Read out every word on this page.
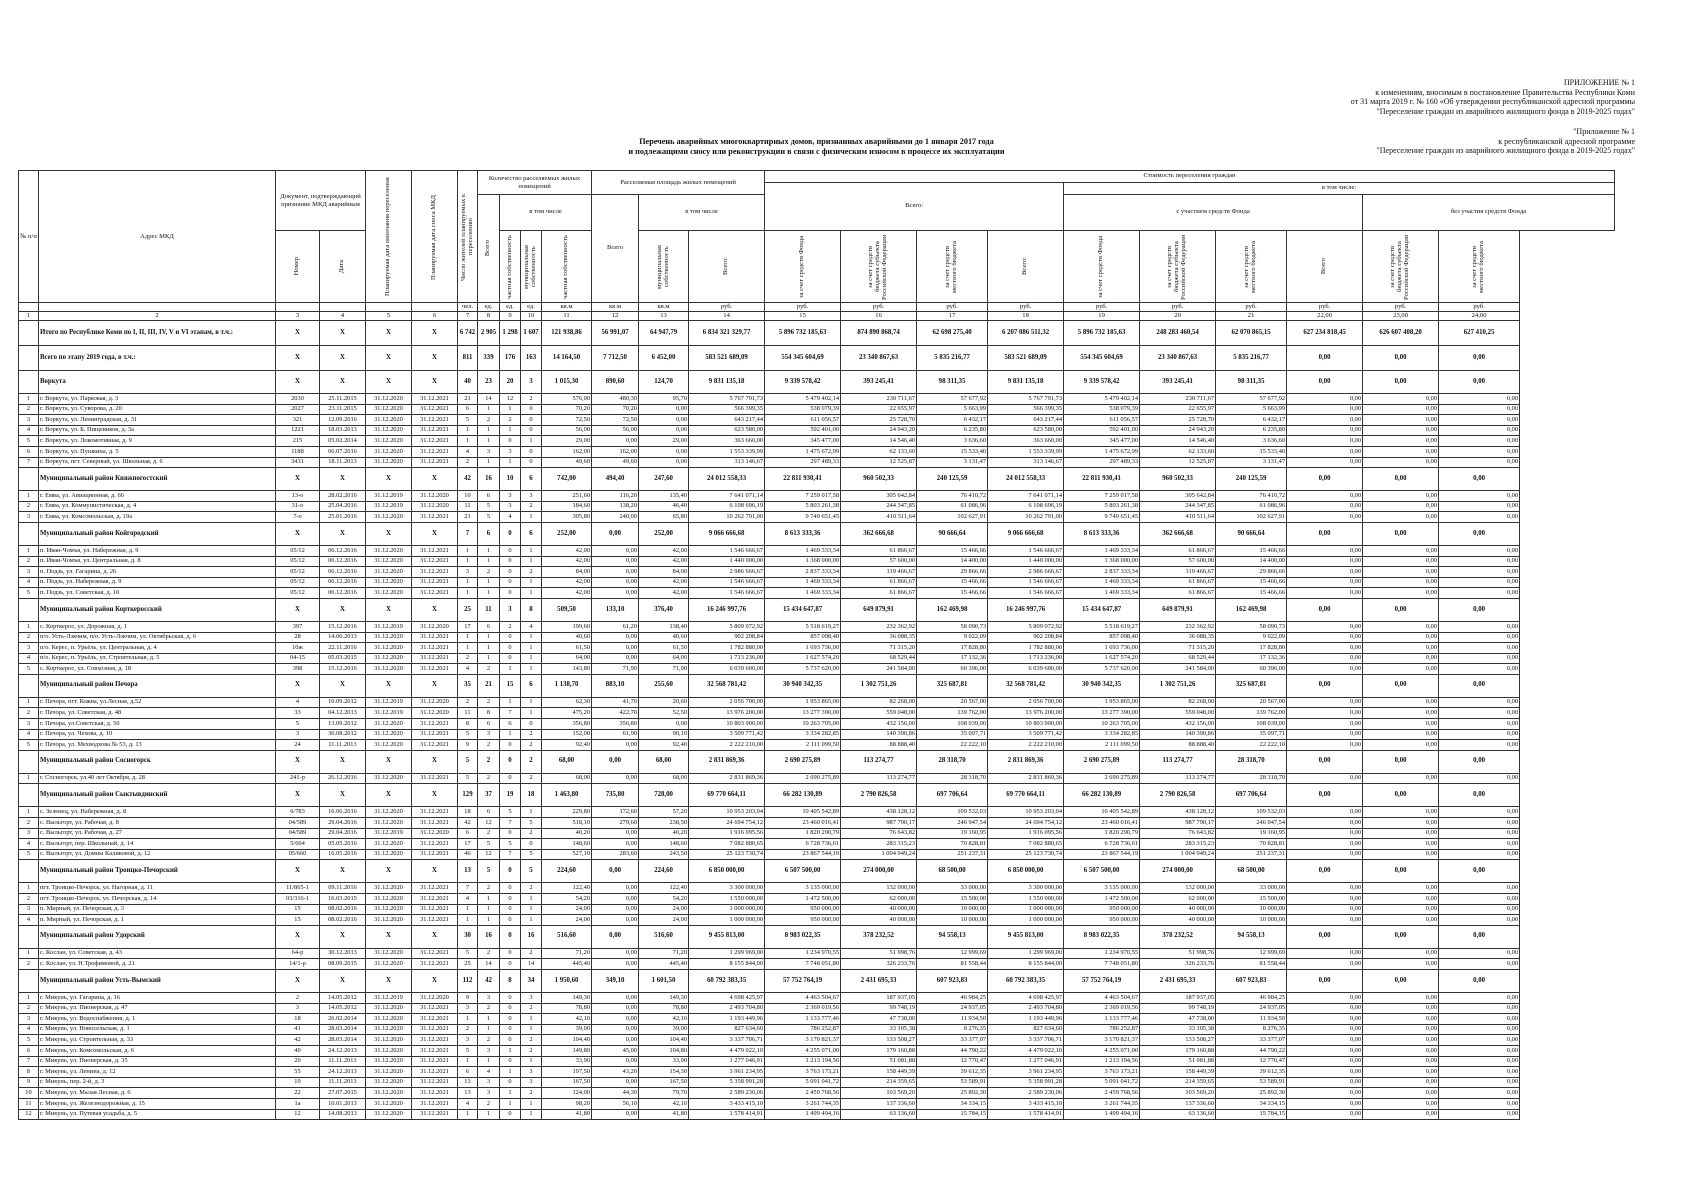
ПРИЛОЖЕНИЕ № 1
к изменениям, вносимым в постановление Правительства Республики Коми
от 31 марта 2019 г. № 160 «Об утверждении республиканской адресной программы
"Переселение граждан из аварийного жилищного фонда в 2019-2025 годах"
"Приложение № 1
к республиканской адресной программе
"Переселение граждан из аварийного жилищного фонда в 2019-2025 годах"
Перечень аварийных многоквартирных домов, признанных аварийными до 1 января 2017 года
и подлежащими сносу или реконструкции в связи с физическим износом в процессе их эксплуатации
№ п/п	Адрес МКД	Документ, подтверждающий признание МКД аварийным		Планируемая дата окончания переселения	Планируемая дата сноса МКД	Число жителей планируемых к переселению	Количество расселяемых жилых помещений				Расселяемая площадь жилых помещений			Стоимость переселения граждан									
														Всего:				в том числе:					

							Всего	в том числе			Всего	в том числе						с участием средств Фонда				без участия средств Фонда	

		Номер	Дата					частная собственность	муниципальная собственность	частная собственность		муниципальная собственность	Всего:	за счет средств Фонда	за счет средств бюджета субъекта Российской Федерации	за счет средств местного бюджета	Всего:	за счет средств Фонда	за счет средств бюджета субъекта Российской Федерации	за счет средств местного бюджета	Всего	за счет средств бюджета субъекта Российской Федерации	за счет средств местного бюджета

						чел.	ед.	ед.	ед.	кв.м	кв.м	кв.м	руб.	руб.	руб.	руб.	руб.	руб.	руб.	руб.	руб.	руб.	руб.
1	2	3	4	5	6	7	8	9	10	11	12	13	14	15	16	17	18	19	20	21	22,00	23,00	24,00
	Итого по Республике Коми по I, II, III, IV, V и VI этапам, в т.ч.:	X	X	X	X	6 742	2 905	1 298	1 607	121 938,86	56 991,07	64 947,79	6 834 321 329,77	5 896 732 185,63	874 890 868,74	62 698 275,40	6 207 086 511,32	5 896 732 185,63	248 283 460,54	62 070 865,15	627 234 818,45	626 607 408,20	627 410,25
	Всего по этапу 2019 года, в т.ч.:	X	X	X	X	811	339	176	163	14 164,50	7 712,50	6 452,00	583 521 689,09	554 345 604,69	23 340 867,63	5 835 216,77	583 521 689,09	554 345 604,69	23 340 867,63	5 835 216,77	0,00	0,00	0,00
	Воркута	X	X	X	X	40	23	20	3	1 015,30	890,60	124,70	9 831 135,18	9 339 578,42	393 245,41	98 311,35	9 831 135,18	9 339 578,42	393 245,41	98 311,35	0,00	0,00	0,00
1	г. Воркута, ул. Парковая, д. 3	2030	25.11.2015	31.12.2020	31.12.2021	21	14	12	2	576,00	480,30	95,70	5 767 791,73	5 479 402,14	230 711,67	57 677,92	5 767 791,73	5 479 402,14	230 711,67	57 677,92	0,00	0,00	0,00
2	г. Воркута, ул. Суворова, д. 20	2027	23.11.2015	31.12.2020	31.12.2021	6	1	1	0	70,20	70,20	0,00	566 399,35	538 079,39	22 655,97	5 663,99	566 399,35	538 079,39	22 655,97	5 663,99	0,00	0,00	0,00
3	г. Воркута, ул. Ленинградская, д. 31	321	12.09.2016	31.12.2020	31.12.2021	5	2	2	0	72,50	72,50	0,00	643 217,44	611 056,57	25 728,70	6 432,17	643 217,44	611 056,57	25 728,70	6 432,17	0,00	0,00	0,00
4	г. Воркута, ул. Б. Пищевиков, д. 3а	1221	18.03.2013	31.12.2020	31.12.2021	1	1	1	0	56,00	56,00	0,00	623 580,00	592 401,00	24 943,20	6 235,80	623 580,00	592 401,00	24 943,20	6 235,80	0,00	0,00	0,00
5	г. Воркута, ул. Локомотивная, д. 9	215	05.02.2014	31.12.2020	31.12.2021	1	1	0	1	29,00	0,00	29,00	363 660,00	345 477,00	14 546,40	3 636,60	363 660,00	345 477,00	14 546,40	3 636,60	0,00	0,00	0,00
6	г. Воркута, ул. Пушкина, д. 5	1188	06.07.2016	31.12.2020	31.12.2021	4	3	3	0	162,00	162,00	0,00	1 553 339,99	1 475 672,99	62 133,60	15 533,40	1 553 339,99	1 475 672,99	62 133,60	15 533,40	0,00	0,00	0,00
7	г. Воркута, пгт. Северный, ул. Школьная, д. 6	3431	18.11.2013	31.12.2020	31.12.2021	2	1	1	0	49,60	49,60	0,00	313 146,67	297 489,33	12 525,87	3 131,47	313 146,67	297 489,33	12 525,87	3 131,47	0,00	0,00	0,00
	Муниципальный район Княжпогостский	X	X	X	X	42	16	10	6	742,00	494,40	247,60	24 012 558,33	22 811 930,41	960 502,33	240 125,59	24 012 558,33	22 811 930,41	960 502,33	240 125,59	0,00	0,00	0,00
1	г. Емва, ул. Авиационная, д. 66	13-о	28.02.2016	31.12.2019	31.12.2020	10	6	3	3	251,60	116,20	135,40	7 641 071,14	7 259 017,58	305 642,84	76 410,72	7 641 071,14	7 259 017,58	305 642,84	76 410,72	0,00	0,00	0,00
2	г. Емва, ул. Коммунистическая, д. 4	31-о	25.04.2016	31.12.2019	31.12.2020	11	5	3	2	184,60	138,20	46,40	6 108 696,19	5 803 261,38	244 347,85	61 086,96	6 108 696,19	5 803 261,38	244 347,85	61 086,96	0,00	0,00	0,00
3	г. Емва, ул. Комсомольская, д. 19а	7-о	25.01.2016	31.12.2020	31.12.2021	21	5	4	1	305,80	240,00	65,80	10 262 791,00	9 749 651,45	410 511,64	102 627,91	10 262 791,00	9 749 651,45	410 511,64	102 627,91	0,00	0,00	0,00
	Муниципальный район Койгородский	X	X	X	X	7	6	0	6	252,00	0,00	252,00	9 066 666,68	8 613 333,36	362 666,68	90 666,64	9 066 666,68	8 613 333,36	362 666,68	90 666,64	0,00	0,00	0,00
1	п. Иван-Чомъя, ул. Набережная, д. 9	05/12	06.12.2016	31.12.2020	31.12.2021	1	1	0	1	42,00	0,00	42,00	1 546 666,67	1 469 333,34	61 866,67	15 466,66	1 546 666,67	1 469 333,34	61 866,67	15 466,66	0,00	0,00	0,00
2	п. Иван-Чомъя, ул. Центральная, д. 8	05/12	06.12.2016	31.12.2020	31.12.2021	1	1	0	1	42,00	0,00	42,00	1 440 000,00	1 368 000,00	57 600,00	14 400,00	1 440 000,00	1 368 000,00	57 600,00	14 400,00	0,00	0,00	0,00
3	п. Подзь, ул. Гагарина, д. 26	05/12	06.12.2016	31.12.2020	31.12.2021	3	2	0	2	84,00	0,00	84,00	2 986 666,67	2 837 333,34	119 466,67	29 866,66	2 986 666,67	2 837 333,34	119 466,67	29 866,66	0,00	0,00	0,00
4	п. Подзь, ул. Набережная, д. 9	05/12	06.12.2016	31.12.2020	31.12.2021	1	1	0	1	42,00	0,00	42,00	1 546 666,67	1 469 333,34	61 866,67	15 466,66	1 546 666,67	1 469 333,34	61 866,67	15 466,66	0,00	0,00	0,00
5	п. Подзь, ул. Советская, д. 10	05/12	06.12.2016	31.12.2020	31.12.2021	1	1	0	1	42,00	0,00	42,00	1 546 666,67	1 469 333,34	61 866,67	15 466,66	1 546 666,67	1 469 333,34	61 866,67	15 466,66	0,00	0,00	0,00
	Муниципальный район Корткеросский	X	X	X	X	25	11	3	8	509,50	133,10	376,40	16 246 997,76	15 434 647,87	649 879,91	162 469,98	16 246 997,76	15 434 647,87	649 879,91	162 469,98	0,00	0,00	0,00
1	с. Корткерос, ул. Дорожная, д. 1	397	15.12.2016	31.12.2019	31.12.2020	17	6	2	4	199,60	61,20	138,40	5 809 072,92	5 518 619,27	232 362,92	58 090,73	5 809 072,92	5 518 619,27	232 362,92	58 090,73	0,00	0,00	0,00
2	п/о. Усть-Лэкчим, п/о. Усть-Лэкчим, ул. Октябрьская, д. 6	28	14.06.2013	31.12.2020	31.12.2021	1	1	0	1	40,60	0,00	40,60	902 208,84	857 098,40	36 088,35	9 022,09	902 208,84	857 098,40	36 088,35	9 022,09	0,00	0,00	0,00
3	п/о. Керес, п. Урьёль, ул. Центральная, д. 4	10ж	22.11.2016	31.12.2020	31.12.2021	1	1	0	1	61,50	0,00	61,50	1 782 880,00	1 693 736,00	71 315,20	17 828,80	1 782 880,00	1 693 736,00	71 315,20	17 828,80	0,00	0,00	0,00
4	п/о. Керес, п. Урьёль, ул. Строительная, д. 5	04-15	05.03.2015	31.12.2020	31.12.2021	2	1	0	1	64,00	0,00	64,00	1 713 236,00	1 627 574,20	68 529,44	17 132,36	1 713 236,00	1 627 574,20	68 529,44	17 132,36	0,00	0,00	0,00
5	с. Корткерос, ул. Совхозная, д. 18	398	15.12.2016	31.12.2020	31.12.2021	4	2	1	1	143,80	71,90	71,90	6 039 600,00	5 737 620,00	241 584,00	60 396,00	6 039 600,00	5 737 620,00	241 584,00	60 396,00	0,00	0,00	0,00
	Муниципальный район Печора	X	X	X	X	35	21	15	6	1 138,70	883,10	255,60	32 568 781,42	30 940 342,35	1 302 751,26	325 687,81	32 568 781,42	30 940 342,35	1 302 751,26	325 687,81	0,00	0,00	0,00
1	г. Печора, пгт. Кожва, ул.Лесная, д.52	4	10.09.2012	31.12.2019	31.12.2020	2	2	1	1	62,30	41,70	20,60	2 056 700,00	1 953 865,00	82 268,00	20 567,00	2 056 700,00	1 953 865,00	82 268,00	20 567,00	0,00	0,00	0,00
2	г. Печора, ул. Советская, д. 48	33	04.12.2013	31.12.2019	31.12.2020	11	8	7	1	475,20	422,70	52,50	13 976 200,00	13 277 390,00	559 048,00	139 762,00	13 976 200,00	13 277 390,00	559 048,00	139 762,00	0,00	0,00	0,00
3	г. Печора, ул.Советская, д. 50	5	13.09.2012	31.12.2020	31.12.2021	8	6	6	0	356,80	356,80	0,00	10 803 900,00	10 263 705,00	432 156,00	108 039,00	10 803 900,00	10 263 705,00	432 156,00	108 039,00	0,00	0,00	0,00
4	г. Печора, ул. Чехова, д. 10	3	30.08.2012	31.12.2020	31.12.2021	5	3	1	2	152,00	61,90	90,10	3 509 771,42	3 334 282,85	140 390,86	35 097,71	3 509 771,42	3 334 282,85	140 390,86	35 097,71	0,00	0,00	0,00
5	г. Печора, ул. Мехводхова № 53, д. 13	24	11.11.2013	31.12.2020	31.12.2021	9	2	0	2	92,40	0,00	92,40	2 222 210,00	2 111 099,50	88 888,40	22 222,10	2 222 210,00	2 111 099,50	88 888,40	22 222,10	0,00	0,00	0,00
	Муниципальный район Сосногорск	X	X	X	X	5	2	0	2	68,00	0,00	68,00	2 831 869,36	2 690 275,89	113 274,77	28 318,70	2 831 869,36	2 690 275,89	113 274,77	28 318,70	0,00	0,00	0,00
1	г. Сосногорск, ул.40 лет Октября, д. 28	241-р	26.12.2016	31.12.2020	31.12.2021	5	2	0	2	68,00	0,00	68,00	2 831 869,36	2 690 275,89	113 274,77	28 318,70	2 831 869,36	2 690 275,89	113 274,77	28 318,70	0,00	0,00	0,00
	Муниципальный район Сыктывдинский	X	X	X	X	129	37	19	18	1 463,80	735,80	728,00	69 770 664,11	66 282 130,89	2 790 826,58	697 706,64	69 770 664,11	66 282 130,89	2 790 826,58	697 706,64	0,00	0,00	0,00
1	с. Зеленец, ул. Набережная, д. 8	6/783	16.06.2016	31.12.2020	31.12.2021	18	6	5	1	229,80	172,60	57,20	10 953 203,04	10 405 542,89	438 128,12	109 532,03	10 953 203,04	10 405 542,89	438 128,12	109 532,03	0,00	0,00	0,00
2	с. Выльгорт, ул. Рабочая, д. 8	04/589	29.04.2016	31.12.2020	31.12.2021	42	12	7	5	518,10	279,60	238,50	24 694 754,12	23 460 016,41	987 790,17	246 947,54	24 694 754,12	23 460 016,41	987 790,17	246 947,54	0,00	0,00	0,00
3	с. Выльгорт, ул. Рабочая, д. 27	04/589	29.04.2016	31.12.2019	31.12.2020	6	2	0	2	40,20	0,00	40,20	1 916 095,56	1 820 290,79	76 643,82	19 160,95	1 916 095,56	1 820 290,79	76 643,82	19 160,95	0,00	0,00	0,00
4	с. Выльгорт, пер. Школьный, д. 14	5/604	05.05.2016	31.12.2020	31.12.2021	17	5	5	0	148,60	0,00	148,60	7 082 880,65	6 728 736,61	283 315,23	70 828,81	7 082 880,65	6 728 736,61	283 315,23	70 828,81	0,00	0,00	0,00
5	с. Выльгорт, ул. Домны Каликовой, д. 12	05/660	16.05.2016	31.12.2020	31.12.2021	46	12	7	5	527,10	283,60	243,50	25 123 730,74	23 867 544,19	1 004 949,24	251 237,31	25 123 730,74	23 867 544,19	1 004 949,24	251 237,31	0,00	0,00	0,00
	Муниципальный район Троицко-Печорский	X	X	X	X	13	5	0	5	224,60	0,00	224,60	6 850 000,00	6 507 500,00	274 000,00	68 500,00	6 850 000,00	6 507 500,00	274 000,00	68 500,00	0,00	0,00	0,00
1	пгт. Троицко-Печорск, ул. Нагорная, д. 11	11/865-1	09.11.2016	31.12.2020	31.12.2021	7	2	0	2	122,40	0,00	122,40	3 300 000,00	3 135 000,00	132 000,00	33 000,00	3 300 000,00	3 135 000,00	132 000,00	33 000,00	0,00	0,00	0,00
2	пгт. Троицко-Печорск, ул. Печорская, д. 14	03/316-1	16.03.2015	31.12.2020	31.12.2021	4	1	0	1	54,20	0,00	54,20	1 550 000,00	1 472 500,00	62 000,00	15 500,00	1 550 000,00	1 472 500,00	62 000,00	15 500,00	0,00	0,00	0,00
3	п. Мирный, ул. Печорская, д. 3	15	08.02.2016	31.12.2020	31.12.2021	1	1	0	1	24,00	0,00	24,00	1 000 000,00	950 000,00	40 000,00	10 000,00	1 000 000,00	950 000,00	40 000,00	10 000,00	0,00	0,00	0,00
4	п. Мирный, ул. Печорская, д. 1	15	08.02.2016	31.12.2020	31.12.2021	1	1	0	1	24,00	0,00	24,00	1 000 000,00	950 000,00	40 000,00	10 000,00	1 000 000,00	950 000,00	40 000,00	10 000,00	0,00	0,00	0,00
	Муниципальный район Удорский	X	X	X	X	30	16	0	16	516,60	0,00	516,60	9 455 813,00	8 983 022,35	378 232,52	94 558,13	9 455 813,00	8 983 022,35	378 232,52	94 558,13	0,00	0,00	0,00
1	с. Кослан, ул. Советская, д. 43	64-р	30.12.2013	31.12.2020	31.12.2021	5	2	0	2	71,20	0,00	71,20	1 299 969,00	1 234 970,55	51 998,76	12 999,69	1 299 969,00	1 234 970,55	51 998,76	12 999,69	0,00	0,00	0,00
2	с. Кослан, ул. Н.Трофимовой, д. 21	14/1-р	08.09.2015	31.12.2020	31.12.2021	25	14	0	14	445,40	0,00	445,40	8 155 844,00	7 748 051,80	326 233,76	81 558,44	8 155 844,00	7 748 051,80	326 233,76	81 558,44	0,00	0,00	0,00
	Муниципальный район Усть-Вымский	X	X	X	X	112	42	8	34	1 950,60	349,10	1 601,50	60 792 383,35	57 752 764,19	2 431 695,33	607 923,83	60 792 383,35	57 752 764,19	2 431 695,33	607 923,83	0,00	0,00	0,00
1	г. Микунь, ул. Гагарина, д. 16	2	14.05.2012	31.12.2019	31.12.2020	9	3	0	3	149,30	0,00	149,30	4 698 425,97	4 463 504,67	187 937,05	46 984,25	4 698 425,97	4 463 504,67	187 937,05	46 984,25	0,00	0,00	0,00
2	г. Микунь, ул. Пионерская, д. 47	3	14.05.2012	31.12.2020	31.12.2021	3	2	0	2	78,80	0,00	78,80	2 493 704,80	2 369 019,56	99 748,19	24 937,05	2 493 704,80	2 369 019,56	99 748,19	24 937,05	0,00	0,00	0,00
3	г. Микунь, ул. Водоснабжения, д. 1	18	26.02.2014	31.12.2020	31.12.2021	1	1	0	1	42,10	0,00	42,10	1 193 449,96	1 133 777,46	47 738,00	11 934,50	1 193 449,96	1 133 777,46	47 738,00	11 934,50	0,00	0,00	0,00
4	г. Микунь, ул. Новосельская, д. 1	41	28.03.2014	31.12.2020	31.12.2021	2	1	0	1	39,00	0,00	39,00	827 634,60	786 252,87	33 105,38	8 276,35	827 634,60	786 252,87	33 105,38	8 276,35	0,00	0,00	0,00
5	г. Микунь, ул. Строительная, д. 33	42	28.03.2014	31.12.2020	31.12.2021	3	2	0	2	104,40	0,00	104,40	3 337 706,71	3 170 821,37	133 508,27	33 377,07	3 337 706,71	3 170 821,37	133 508,27	33 377,07	0,00	0,00	0,00
6	г. Микунь, ул. Комсомольская, д. 6	40	24.12.2013	31.12.2020	31.12.2021	5	3	1	2	149,80	45,00	104,80	4 479 022,10	4 255 071,00	179 160,88	44 790,22	4 479 022,10	4 255 071,00	179 160,88	44 790,22	0,00	0,00	0,00
7	г. Микунь, ул. Пионерская, д. 35	20	11.11.2013	31.12.2020	31.12.2021	1	1	0	1	33,90	0,00	33,90	1 277 046,91	1 213 194,56	51 081,88	12 770,47	1 277 046,91	1 213 194,56	51 081,88	12 770,47	0,00	0,00	0,00
8	г. Микунь, ул. Ленина, д. 12	55	24.12.2013	31.12.2020	31.12.2021	6	4	1	3	197,50	43,20	154,30	3 961 234,95	3 763 173,21	158 449,39	39 612,35	3 961 234,95	3 763 173,21	158 449,39	39 612,35	0,00	0,00	0,00
9	г. Микунь, пер. 2-й, д. 3	19	11.11.2013	31.12.2020	31.12.2021	13	3	0	3	167,50	0,00	167,50	5 358 991,28	5 091 041,72	214 359,65	53 589,91	5 358 991,28	5 091 041,72	214 359,65	53 589,91	0,00	0,00	0,00
10	г. Микунь, ул. Малая Лесная, д. 6	22	27.07.2015	31.12.2020	31.12.2021	13	3	1	2	124,00	44,30	79,70	2 589 230,06	2 459 768,56	103 569,20	25 892,30	2 589 230,06	2 459 768,56	103 569,20	25 892,30	0,00	0,00	0,00
11	г. Микунь, ул. Железнодорожная, д. 15	1а	10.01.2013	31.12.2020	31.12.2021	4	2	1	1	98,20	56,10	42,10	3 433 415,10	3 261 744,35	137 336,60	34 334,15	3 433 415,10	3 261 744,35	137 336,60	34 334,15	0,00	0,00	0,00
12	г. Микунь, ул. Путевая усадьба, д. 5	12	14.08.2013	31.12.2020	31.12.2021	1	1	0	1	41,80	0,00	41,80	1 578 414,91	1 499 494,16	63 136,60	15 784,15	1 578 414,91	1 499 494,16	63 136,60	15 784,15	0,00	0,00	0,00
